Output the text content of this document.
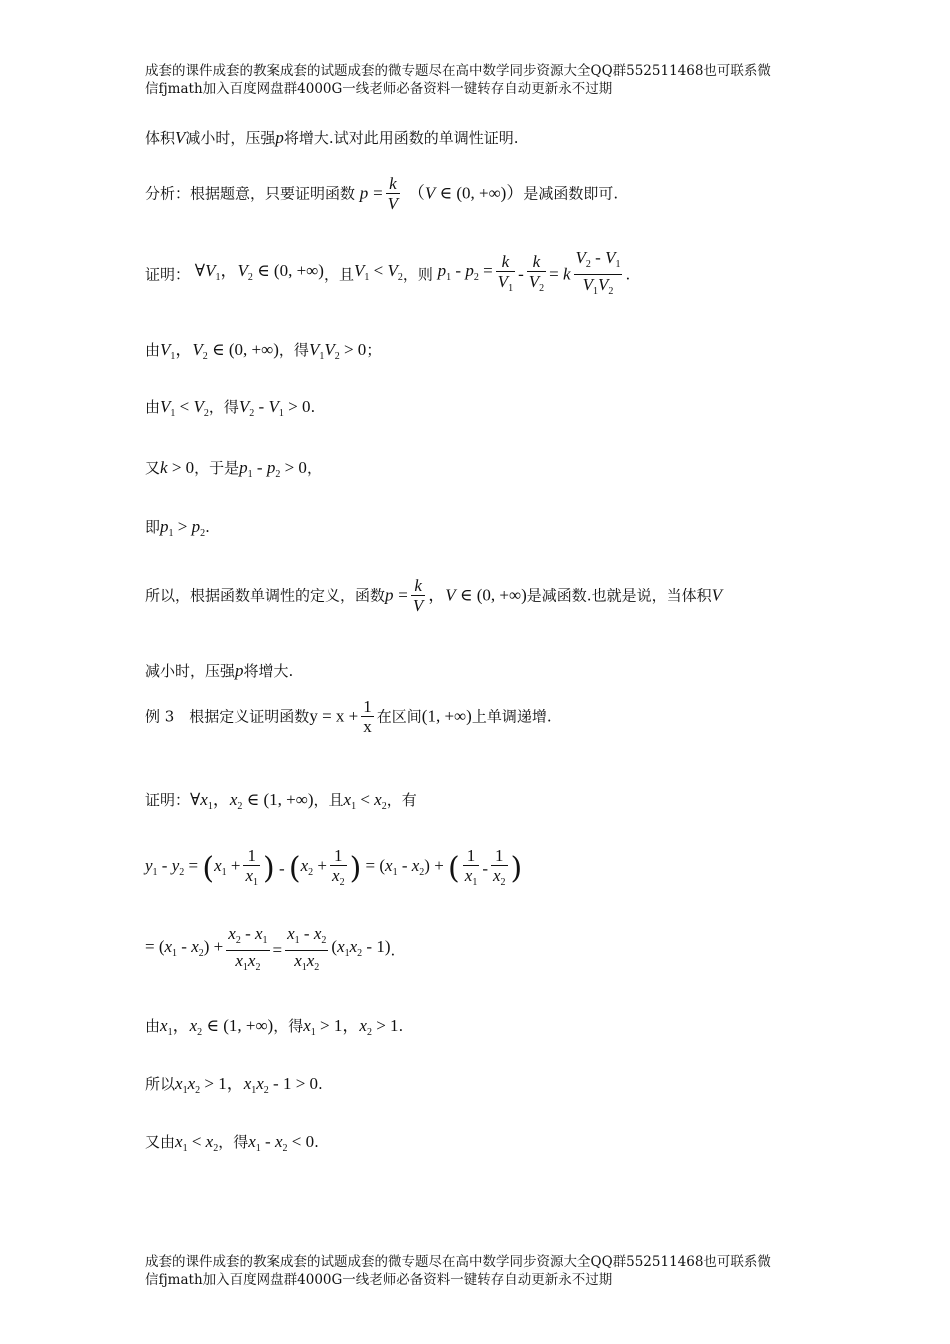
成套的课件成套的教案成套的试题成套的微专题尽在高中数学同步资源大全QQ群552511468也可联系微
信fjmath加入百度网盘群4000G一线老师必备资料一键转存自动更新永不过期
体积V减小时，压强p将增大.试对此用函数的单调性证明.
分析：根据题意，只要证明函数 $p = \frac{k}{V} (V$ ∈ (0, +∞)）是减函数即可.
证明： $\forall V_1$，$V_2$ ∈ (0, +∞)，且$V_1 < V_2$，则 $p_1 - p_2 = \frac{k}{V_1} - \frac{k}{V_2} = k \frac{V_2 - V_1}{V_1V_2}$ .
由$V_1$，$V_2$ ∈ (0, +∞)，得$V_1V_2 > 0$；
由$V_1 < V_2$，得$V_2 - V_1 > 0$.
又k > 0，于是$p_1 - p_2 > 0$，
即$p_1 > p_2$.
所以，根据函数单调性的定义，函数$p = \frac{k}{V}$ ，V ∈ (0, +∞)是减函数.也就是说，当体积V
减小时，压强p将增大.
例 3　根据定义证明函数$y = x + \frac{1}{x}$ 在区间(1, +∞)上单调递增.
证明：$\forall x_1$，$x_2$ ∈ (1, +∞)，且$x_1 < x_2$，有
$y_1 - y_2 = (x_1 + \frac{1}{x_1}$ ) - ($x_2 + \frac{1}{x_2}$ ) = $(x_1 - x_2)$ + ( $\frac{1}{x_1} - \frac{1}{x_2}$ )
= $(x_1 - x_2) + \frac{x_2 - x_1}{x_1x_2} = \frac{x_1 - x_2}{x_1x_2} (x_1x_2 - 1)$.
由$x_1$，$x_2$ ∈ (1, +∞)，得$x_1 > 1$，$x_2 > 1$.
所以$x_1x_2 > 1$，$x_1x_2 - 1 > 0$.
又由$x_1 < x_2$，得$x_1 - x_2 < 0$.
成套的课件成套的教案成套的试题成套的微专题尽在高中数学同步资源大全QQ群552511468也可联系微
信fjmath加入百度网盘群4000G一线老师必备资料一键转存自动更新永不过期
